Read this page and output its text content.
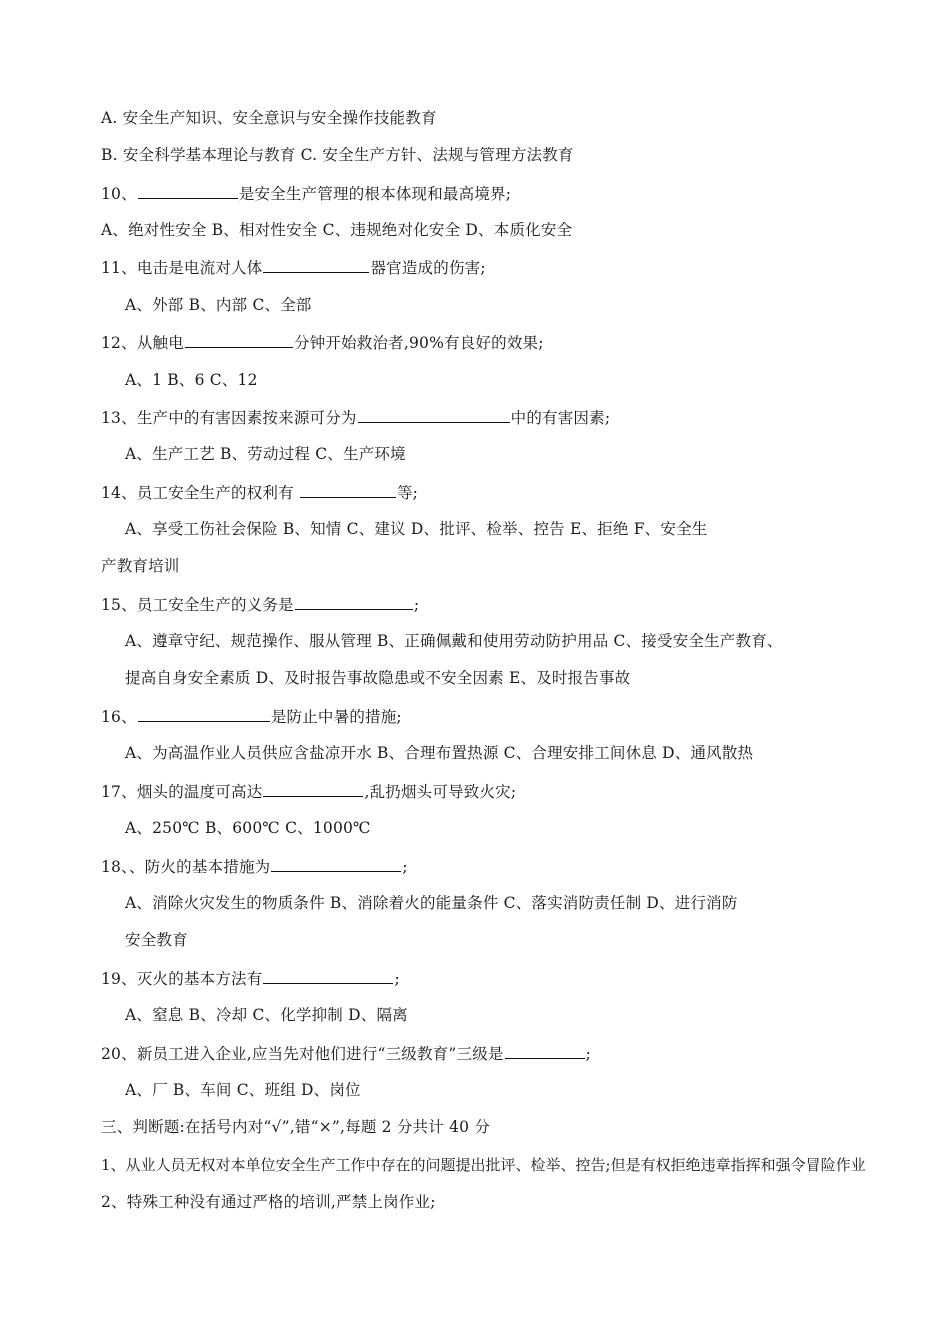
A. 安全生产知识、安全意识与安全操作技能教育
B. 安全科学基本理论与教育 C. 安全生产方针、法规与管理方法教育
10、	是安全生产管理的根本体现和最高境界;
A、绝对性安全 B、相对性安全 C、违规绝对化安全 D、本质化安全
11、电击是电流对人体	器官造成的伤害;
A、外部 B、内部 C、全部
12、从触电	分钟开始救治者,90%有良好的效果;
A、1 B、6 C、12
13、生产中的有害因素按来源可分为	中的有害因素;
A、生产工艺 B、劳动过程 C、生产环境
14、员工安全生产的权利有	等;
A、享受工伤社会保险 B、知情 C、建议 D、批评、检举、控告 E、拒绝 F、安全生
产教育培训
15、员工安全生产的义务是	;
A、遵章守纪、规范操作、服从管理 B、正确佩戴和使用劳动防护用品 C、接受安全生产教育、
提高自身安全素质 D、及时报告事故隐患或不安全因素 E、及时报告事故
16、	是防止中暑的措施;
A、为高温作业人员供应含盐凉开水 B、合理布置热源 C、合理安排工间休息 D、通风散热
17、烟头的温度可高达	,乱扔烟头可导致火灾;
A、250℃ B、600℃ C、1000℃
18、、防火的基本措施为	;
A、消除火灾发生的物质条件 B、消除着火的能量条件 C、落实消防责任制 D、进行消防
安全教育
19、灭火的基本方法有	;
A、窒息 B、冷却 C、化学抑制 D、隔离
20、新员工进入企业,应当先对他们进行“三级教育”三级是	;
A、厂 B、车间 C、班组 D、岗位
三、判断题:在括号内对“√”,错“×”,每题 2 分共计 40 分
1、从业人员无权对本单位安全生产工作中存在的问题提出批评、检举、控告;但是有权拒绝违章指挥和强令冒险作业
2、特殊工种没有通过严格的培训,严禁上岗作业;
